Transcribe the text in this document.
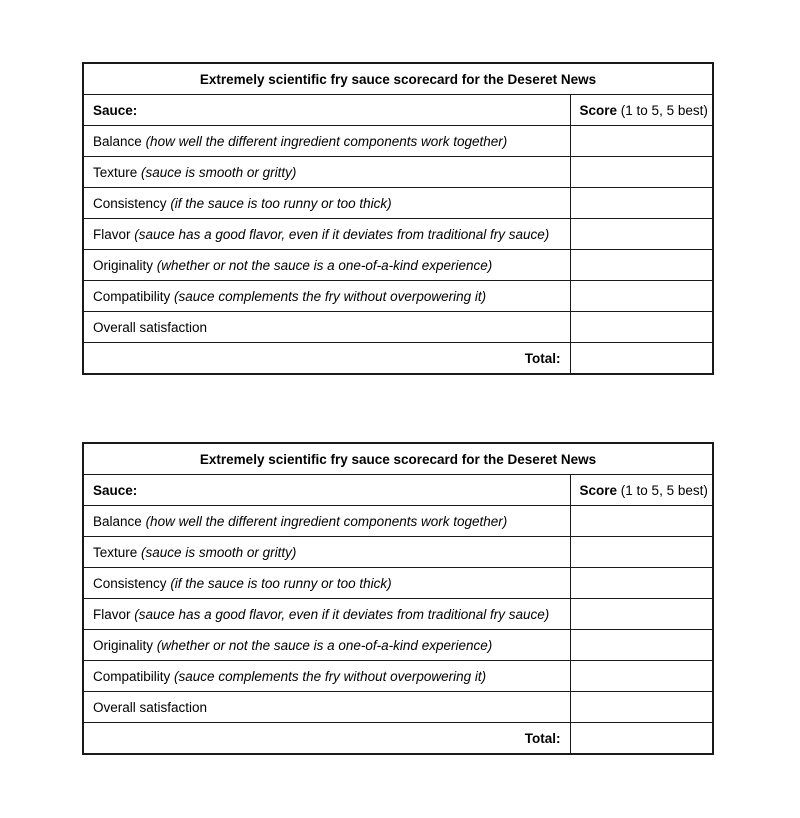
Extremely scientific fry sauce scorecard for the Deseret News	
Sauce:	Score (1 to 5, 5 best)
Balance (how well the different ingredient components work together)	
Texture (sauce is smooth or gritty)	
Consistency (if the sauce is too runny or too thick)	
Flavor (sauce has a good flavor, even if it deviates from traditional fry sauce)	
Originality (whether or not the sauce is a one-of-a-kind experience)	
Compatibility (sauce complements the fry without overpowering it)	
Overall satisfaction	
Total:	
Extremely scientific fry sauce scorecard for the Deseret News	
Sauce:	Score (1 to 5, 5 best)
Balance (how well the different ingredient components work together)	
Texture (sauce is smooth or gritty)	
Consistency (if the sauce is too runny or too thick)	
Flavor (sauce has a good flavor, even if it deviates from traditional fry sauce)	
Originality (whether or not the sauce is a one-of-a-kind experience)	
Compatibility (sauce complements the fry without overpowering it)	
Overall satisfaction	
Total:	
